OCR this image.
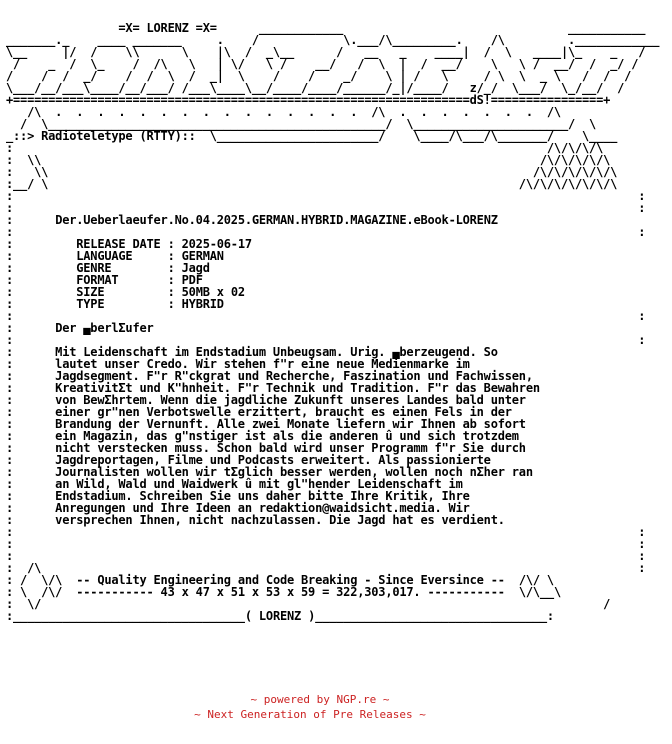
=X= LORENZ =X=      ____________                                ___________
_______._    ____ _______     .    /            \.___/\_________.    /\         .____________
\__     |/  /    \\      \    |\  /  _\__      /   __   _    ____|  /  \   ____|\_    _   /
/    _  /  \_    /  /\   \   | \/   \ /    __/   /  \  |  /  __/    \   \ /  __/  /  _/ /
/    /  /  _/    /  /  \  /  _|  \    /    /    _/    \ | /   \     / \  \  _ \   /  /  /
\___/__/___\____/__/___/ /___\____\__/____/____/______/_|/____/   z/_/  \___/  \_/__/  /
+=================================================================dS!================+
/\  .  .  .  .  .  .  .  .  .  .  .  .  .  .  .  /\  .  .  .  .  .  .  .  /\
/  \________________________________________________/  \______________________/  \
_::> Radioteletype (RTTY)::  \_______________________/    \____/\___/\_______/    \____
:	/\/\/\/\
:  \\                                                                       /\/\/\/\/\
:   \\                                                                     /\/\/\/\/\/\
:__/ \                                                                   /\/\/\/\/\/\/\
:                                                                                         :
:                                                                                         :
:	Der.Ueberlaeufer.No.04.2025.GERMAN.HYBRID.MAGAZINE.eBook-LORENZ
:                                                                                         :
:	RELEASE DATE : 2025-06-17
:	LANGUAGE     : GERMAN
:	GENRE        : Jagd
:	FORMAT       : PDF
:	SIZE         : 50MB x 02
:	TYPE         : HYBRID
:                                                                                         :
:	Der ▄berlΣufer
:                                                                                         :
:      Mit Leidenschaft im Endstadium Unbeugsam. Urig. ▄berzeugend. So
:      lautet unser Credo. Wir stehen f"r eine neue Medienmarke im
:      Jagdsegment. F"r R"ckgrat und Recherche, Faszination und Fachwissen,
:      KreativitΣt und K"hnheit. F"r Technik und Tradition. F"r das Bewahren
:      von BewΣhrtem. Wenn die jagdliche Zukunft unseres Landes bald unter
:      einer gr"nen Verbotswelle erzittert, braucht es einen Fels in der
:      Brandung der Vernunft. Alle zwei Monate liefern wir Ihnen ab sofort
:      ein Magazin, das g"nstiger ist als die anderen û und sich trotzdem
:      nicht verstecken muss. Schon bald wird unser Programm f"r Sie durch
:      Jagdreportagen, Filme und Podcasts erweitert. Als passionierte
:      Journalisten wollen wir tΣglich besser werden, wollen noch nΣher ran
:      an Wild, Wald und Waidwerk û mit gl"hender Leidenschaft im
:      Endstadium. Schreiben Sie uns daher bitte Ihre Kritik, Ihre
:      Anregungen und Ihre Ideen an redaktion@waidsicht.media. Wir
:      versprechen Ihnen, nicht nachzulassen. Die Jagd hat es verdient.
:                                                                                         :
:                                                                                         :
:                                                                                         :
:  /\                                                                                     :
: /  \/\  -- Quality Engineering and Code Breaking - Since Eversince --  /\/ \
: \  /\/  ----------- 43 x 47 x 51 x 53 x 59 = 322,303,017. -----------  \/\__\
:  \/                                                                                /
:_________________________________( LORENZ )_________________________________:
~ powered by NGP.re ~
~ Next Generation of Pre Releases ~
